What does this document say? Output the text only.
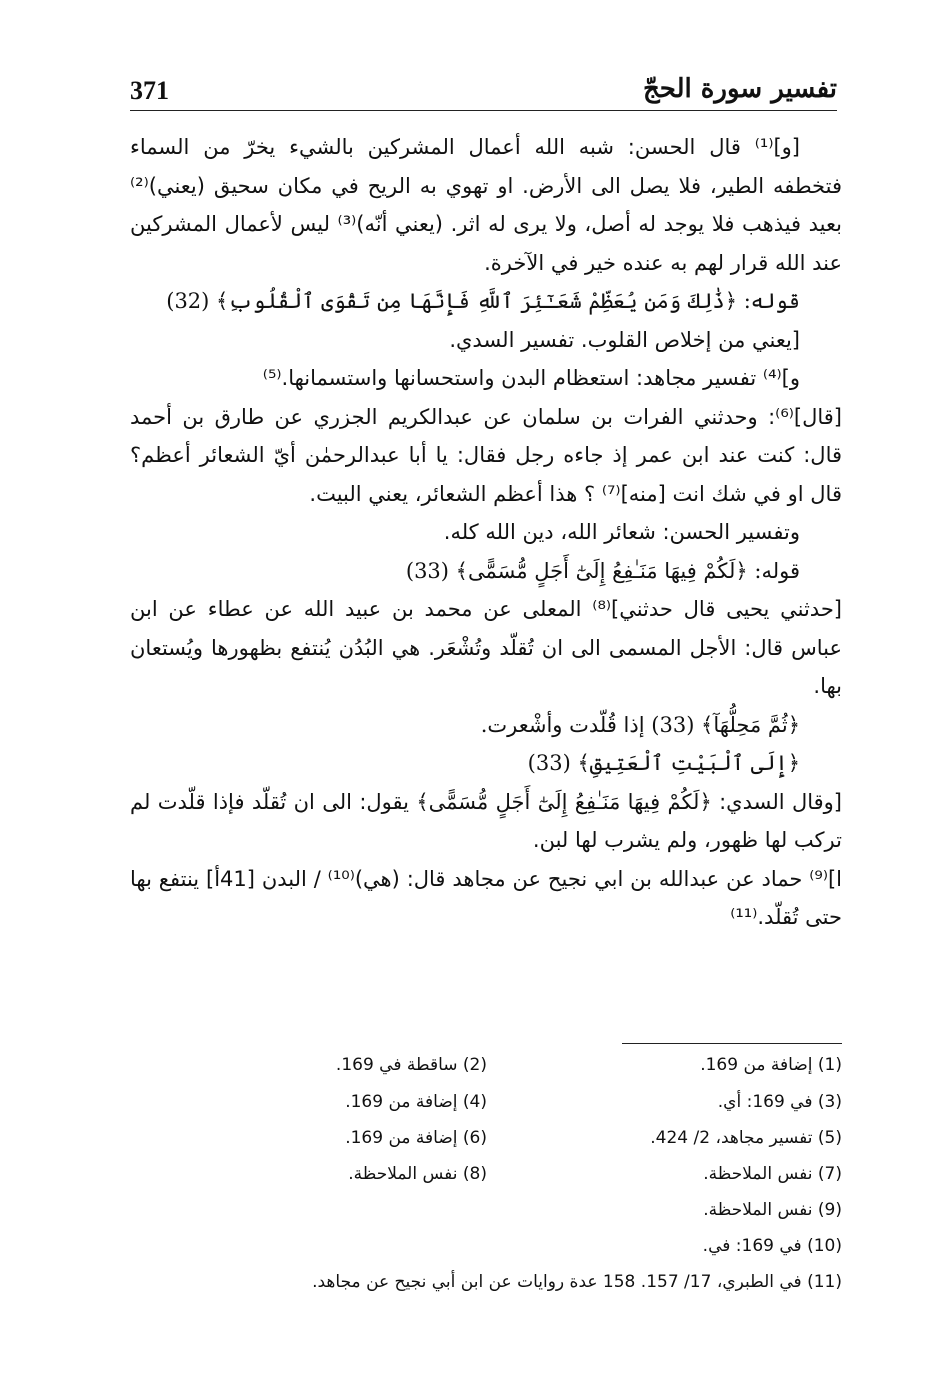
تفسير سورة الحجّ
371

[و]⁽¹⁾ قال الحسن: شبه الله أعمال المشركين بالشيء يخرّ من السماء فتخطفه الطير، فلا يصل الى الأرض. او تهوي به الريح في مكان سحيق (يعني)⁽²⁾ بعيد فيذهب فلا يوجد له أصل، ولا يرى له اثر. (يعني أنّه)⁽³⁾ ليس لأعمال المشركين عند الله قرار لهم به عنده خير في الآخرة.

قوله: ﴿ذَٰلِكَ وَمَن يُعَظِّمْ شَعَـٰٓئِرَ ٱللَّهِ فَإِنَّهَا مِن تَقْوَى ٱلْقُلُوبِ﴾ (32)

[يعني من إخلاص القلوب. تفسير السدي.

و]⁽⁴⁾ تفسير مجاهد: استعظام البدن واستحسانها واستسمانها.⁽⁵⁾

[قال]⁽⁶⁾: وحدثني الفرات بن سلمان عن عبدالكريم الجزري عن طارق بن أحمد قال: كنت عند ابن عمر إذ جاءه رجل فقال: يا أبا عبدالرحمٰن أيّ الشعائر أعظم؟ قال او في شك انت [منه]⁽⁷⁾ ؟ هذا أعظم الشعائر، يعني البيت.

وتفسير الحسن: شعائر الله، دين الله كله.

قوله: ﴿لَكُمْ فِيهَا مَنَـٰفِعُ إِلَىٰٓ أَجَلٍ مُّسَمًّى﴾ (33)

[حدثني يحيى قال حدثني]⁽⁸⁾ المعلى عن محمد بن عبيد الله عن عطاء عن ابن عباس قال: الأجل المسمى الى ان تُقلّد وتُشْعَر. هي البُدُن يُنتفع بظهورها ويُستعان بها.

﴿ثُمَّ مَحِلُّهَآ﴾ (33) إذا قُلّدت وأشْعرت.

﴿إِلَى ٱلْبَيْتِ ٱلْعَتِيقِ﴾ (33)

[وقال السدي: ﴿لَكُمْ فِيهَا مَنَـٰفِعُ إِلَىٰٓ أَجَلٍ مُّسَمًّى﴾ يقول: الى ان تُقلّد فإذا قلّدت لم تركب لها ظهور، ولم يشرب لها لبن.

ا]⁽⁹⁾ حماد عن عبدالله بن ابي نجيح عن مجاهد قال: (هي)⁽¹⁰⁾ / البدن [41أ] ينتفع بها حتى تُقلّد.⁽¹¹⁾

(1) إضافة من 169.
(3) في 169: أي.
(5) تفسير مجاهد، 2/ 424.
(7) نفس الملاحظة.
(9) نفس الملاحظة.
(10) في 169: في.
(11) في الطبري، 17/ 157. 158 عدة روايات عن ابن أبي نجيح عن مجاهد.
(2) ساقطة في 169.
(4) إضافة من 169.
(6) إضافة من 169.
(8) نفس الملاحظة.
